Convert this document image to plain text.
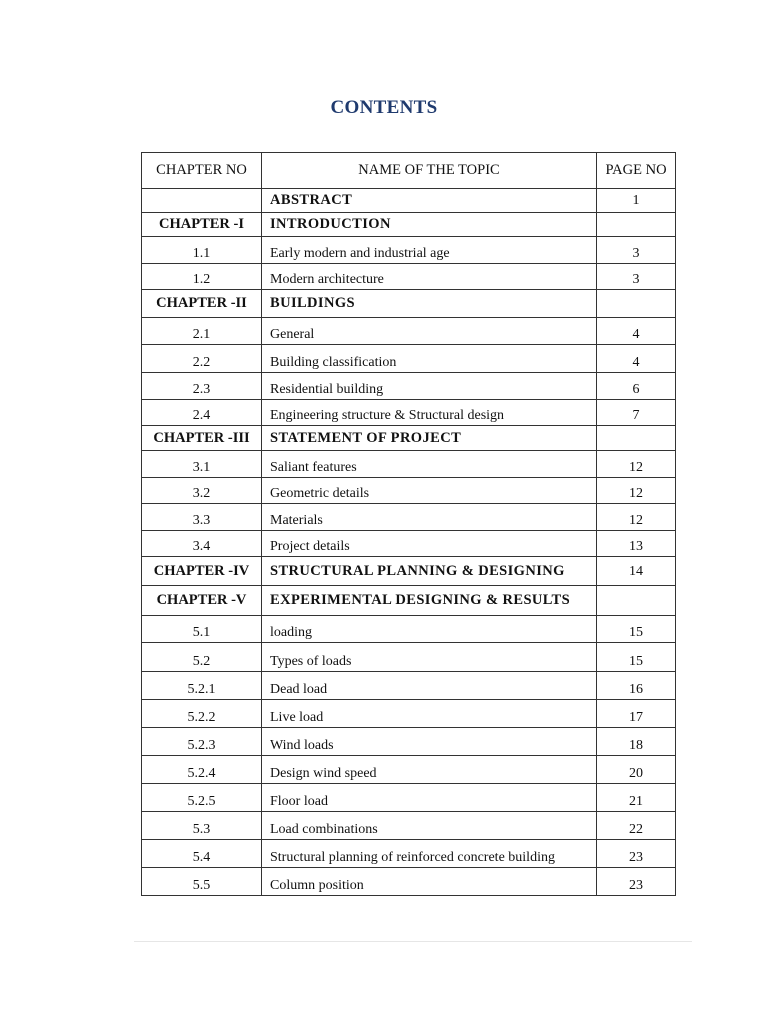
CONTENTS
CHAPTER NO	NAME OF THE TOPIC	PAGE NO
	ABSTRACT	1
CHAPTER -I	INTRODUCTION	
1.1	Early modern and industrial age	3
1.2	Modern architecture	3
CHAPTER -II	BUILDINGS	
2.1	General	4
2.2	Building classification	4
2.3	Residential building	6
2.4	Engineering structure & Structural design	7
CHAPTER -III	STATEMENT OF PROJECT	
3.1	Saliant features	12
3.2	Geometric details	12
3.3	Materials	12
3.4	Project details	13
CHAPTER -IV	STRUCTURAL PLANNING & DESIGNING	14
CHAPTER -V	EXPERIMENTAL DESIGNING & RESULTS	
5.1	loading	15
5.2	Types of loads	15
5.2.1	Dead load	16
5.2.2	Live load	17
5.2.3	Wind loads	18
5.2.4	Design wind speed	20
5.2.5	Floor load	21
5.3	Load combinations	22
5.4	Structural planning of reinforced concrete building	23
5.5	Column position	23
